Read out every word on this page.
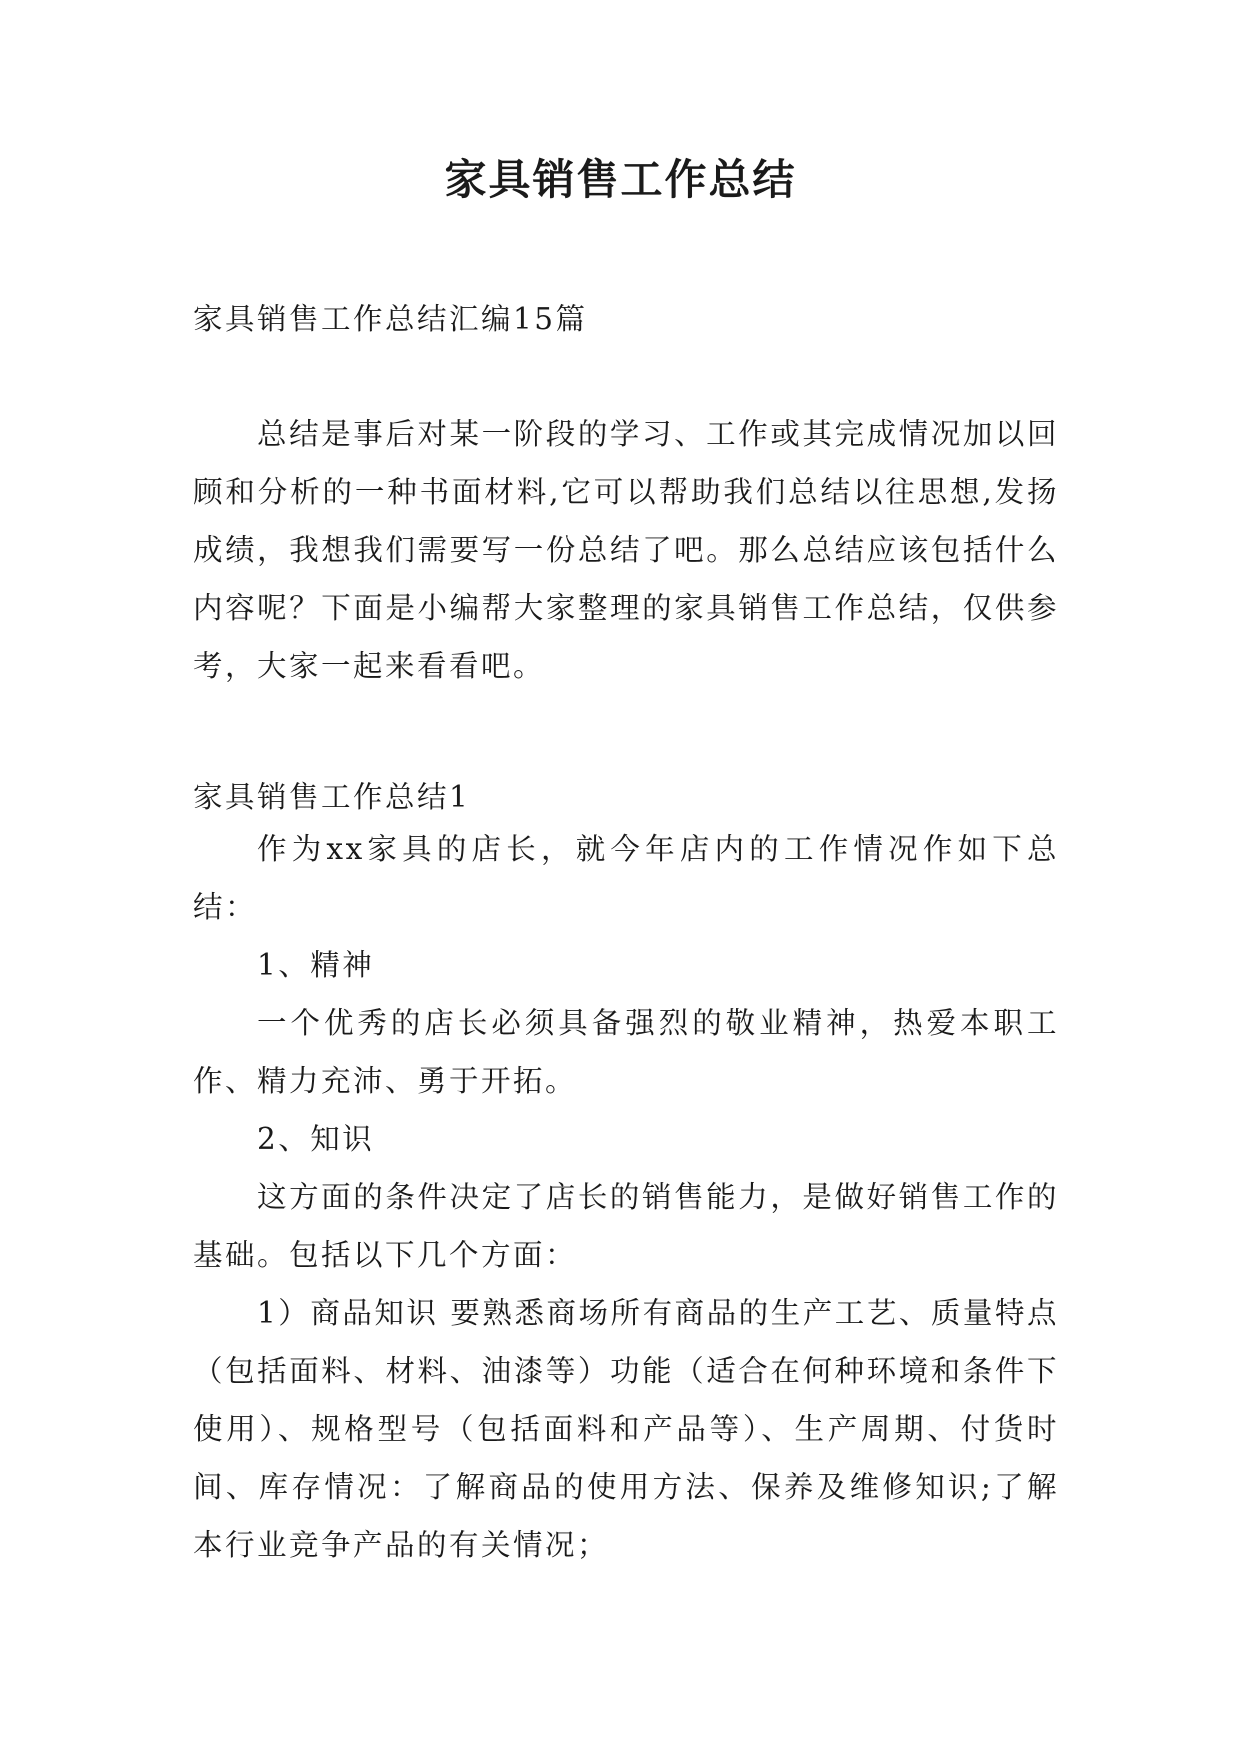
家具销售工作总结

家具销售工作总结汇编15篇

总结是事后对某一阶段的学习、工作或其完成情况加以回顾和分析的一种书面材料,它可以帮助我们总结以往思想,发扬成绩，我想我们需要写一份总结了吧。那么总结应该包括什么内容呢？下面是小编帮大家整理的家具销售工作总结，仅供参考，大家一起来看看吧。

家具销售工作总结1

作为xx家具的店长，就今年店内的工作情况作如下总结：

1、精神

一个优秀的店长必须具备强烈的敬业精神，热爱本职工作、精力充沛、勇于开拓。

2、知识

这方面的条件决定了店长的销售能力，是做好销售工作的基础。包括以下几个方面：

1）商品知识 要熟悉商场所有商品的生产工艺、质量特点（包括面料、材料、油漆等）功能（适合在何种环境和条件下使用）、规格型号（包括面料和产品等）、生产周期、付货时间、库存情况：了解商品的使用方法、保养及维修知识;了解本行业竞争产品的有关情况；
